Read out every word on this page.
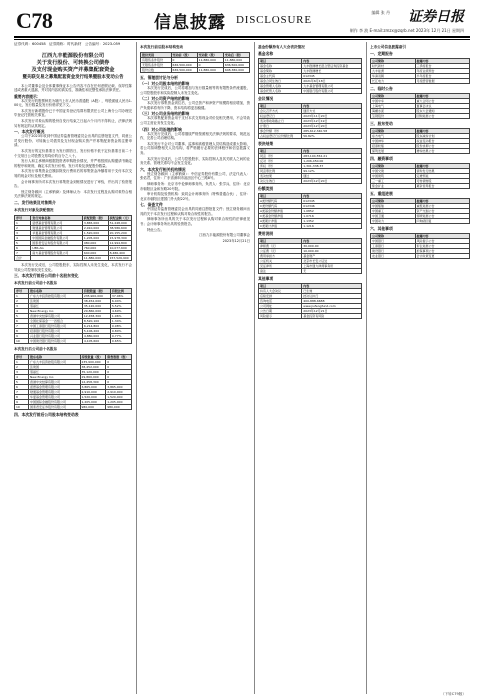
C78	信息披露 DISCLOSURE
编辑 张 丹 证券日报
制作 李 波 E-mail:zmzx@zqrb.net 2023年 12月 21日 星期四
证券代码：600458 证券简称：时代新材 公告编号：2023-059
江西九丰能源股份有限公司
关于发行股份、可转换公司债券
及支付现金购买资产并募集配套资金
暨关联交易之募集配套资金发行结果暨股本变动公告
本公司董事会及全体董事保证本公告内容不存在任何虚假记载、误导性陈述或者重大遗漏，并对其内容的真实性、准确性和完整性承担法律责任。
重要内容提示：
本次发行的股票种类为境内上市人民币普通股（A股），每股面值人民币1.00元，发行数量及发行价格详见下文。
本次发行新增股份已于中国证券登记结算有限责任公司上海分公司办理完毕登记托管相关事宜。
本次发行对象认购的股份自发行结束之日起六个月内不得转让，法律法规另有规定的从其规定。
一、本次发行概况
公司于2023年收到中国证券监督管理委员会出具的注册批复文件，同意公司发行股份、可转换公司债券及支付现金购买资产并募集配套资金的注册申请。
本次发行的定价基准日为发行期首日，发行价格不低于定价基准日前二十个交易日公司股票交易均价的百分之八十。
发行人和主承销商根据投资者申购报价情况，并严格按照认购邀请书确定的程序和规则，确定本次发行价格、发行对象及获配股份数量。
本次发行募集资金总额扣除发行费用后的募集资金净额将用于支付本次交易的现金对价及相关费用。
会计师事务所对本次发行募集资金到账情况进行了审验，并出具了验资报告。
独立财务顾问（主承销商）及律师认为：本次发行过程及认购对象符合相关法律法规的规定。
二、发行结果及对象简介
本次发行对象及获配情况
序号	发行对象名称	获配股数（股）	获配金额（元）
1	诺德基金管理有限公司	3,865,000	51,248,000
2	财通基金管理有限公司	2,910,000	38,586,600
3	华夏基金管理有限公司	1,520,000	20,155,200
4	中国国际金融股份有限公司	1,205,000	15,978,300
5	国泰君安证券股份有限公司	980,000	12,994,800
6	UBS AG	760,000	10,077,600
7	南方基金管理股份有限公司	640,000	8,486,400
合计		11,880,000	157,526,900
本次发行完成后，公司控股股东、实际控制人未发生变化，本次发行不会导致公司控制权发生变化。
三、本次发行前后公司前十名股东变化
本次发行前公司前十名股东
序号	股东名称	持股数量（股）	持股比例
1	广东九丰投资控股有限公司	235,900,000	37.06%
2	张建国	38,452,000	6.04%
3	蔡丽红	35,120,000	5.52%
4	New Energy Inc.	29,860,000	4.69%
5	香港中央结算有限公司	12,458,300	1.96%
6	全国社保基金一一四组合	8,520,100	1.34%
7	中国工商银行股份有限公司	6,214,800	0.98%
8	招商银行股份有限公司	5,106,200	0.80%
9	兴业银行股份有限公司	4,880,000	0.77%
10	中国建设银行股份有限公司	4,105,600	0.65%
本次发行后公司前十名股东
序号	股东名称	持股数量（股）	限售股数（股）
1	广东九丰投资控股有限公司	235,900,000	0
2	张建国	38,452,000	0
3	蔡丽红	35,120,000	0
4	New Energy Inc.	29,860,000	0
5	香港中央结算有限公司	12,458,300	0
6	诺德基金管理有限公司	3,865,000	3,865,000
7	财通基金管理有限公司	2,910,000	2,910,000
8	华夏基金管理有限公司	1,520,000	1,520,000
9	中国国际金融股份有限公司	1,205,000	1,205,000
10	国泰君安证券股份有限公司	980,000	980,000
四、本次发行前后公司股本结构变动表
本次发行前后股本结构变动
股份类别	变动前（股）	变动数（股）	变动后（股）
有限售条件股份	0	11,880,000	11,880,000
无限售条件股份	636,500,000	0	636,500,000
股份总数	636,500,000	11,880,000	648,380,000
五、管理层讨论与分析
（一）对公司股本结构的影响
本次发行完成后，公司将增加与发行数量相等的有限售条件流通股，公司控股股东和实际控制人未发生变化。
（二）对公司资产结构的影响
本次发行募集资金到位后，公司总资产和净资产规模将相应增加，资产负债率将有所下降，资本结构将更加稳健。
（三）对公司业务结构的影响
本次募集配套资金用于支付本次交易现金对价及相关费用，不会导致公司主营业务发生变化。
（四）对公司治理的影响
本次发行完成后，公司将继续严格按照相关法律法规的要求，规范运作，完善公司治理结构。
本次发行不会对公司董事、监事和高级管理人员结构造成重大影响，若公司拟调整相关人员结构，将严格履行必要的法律程序和信息披露义务。
本次发行完成后，公司与控股股东、实际控制人及其关联人之间的业务关系、管理关系均不会发生变化。
六、本次发行相关机构情况
独立财务顾问（主承销商）：中信证券股份有限公司，法定代表人：张佑君，住所：广东省深圳市福田区中心三路8号。
律师事务所：北京市中伦律师事务所，负责人：张学兵，住所：北京市朝阳区金和东路20号院。
审计机构及验资机构：致同会计师事务所（特殊普通合伙），住所：北京市朝阳区建国门外大街22号。
七、备查文件
中国证券监督管理委员会出具的同意注册批复文件；独立财务顾问出具的关于本次发行过程和认购对象合规性的报告。
律师事务所出具的关于本次发行过程和认购对象合规性的法律意见书；会计师事务所出具的验资报告。
特此公告。
江西九丰能源股份有限公司董事会
2023年12月21日
基金份额持有人大会表决情况
基金名称
项目	内容
基金名称	九丰稳健增长混合型证券投资基金
基金简称	九丰稳健增长
基金主代码	012345
基金合同生效日	2021年6月18日
基金管理人名称	九丰基金管理有限公司
基金托管人名称	中国银行股份有限公司
会议情况
项目	内容
会议召开方式	通讯方式
权益登记日	2023年11月20日
表决票收取截止日	2023年12月19日
计票日	2023年12月20日
参会份额（份）	285,612,340.58
占权益登记日总份额比例	56.82%
表决结果
项目	内容
同意（份）	283,104,552.21
反对（份）	1,206,450.00
弃权（份）	1,301,338.37
同意票比例	99.12%
表决结果	通过
决议生效日	2023年12月20日
份额类别
项目	内容
A类份额代码	012345
C类份额代码	012346
A类基金份额净值	1.0852
C类基金份额净值	1.0716
A类累计净值	1.1352
C类累计净值	1.1216
费用说明
项目	内容
律师费（元）	30,000.00
公证费（元）	10,000.00
费用承担方	基金财产
公证机关	北京市长安公证处
见证律所	上海市通力律师事务所
备注	无
其他事项
项目	内容
持有人大会决议	已生效
后续安排	按决议执行
咨询电话	400-888-6688
公司网址	www.jiufengfund.com
公告日期	2023年12月21日
风险提示	基金投资有风险
上市公司信息披露索引
一、定期报告
公司简称	披露内容
时代新材	三季度报告
九丰能源	年度业绩预告
华润双鹤	半年度报告
长江电力	月度经营数据
二、临时公告
公司简称	披露内容
中国中车	重大合同公告
上海电气	董事会决议
海螺水泥	股东大会通知
宝钢股份	回购进展公告
三、股东变动
公司简称	披露内容
东方电气	股东减持计划
中国神华	权益变动报告
招商轮船	股份质押公告
保利发展	增持结果公告
四、融资事项
公司简称	披露内容
中国交建	债券发行结果
中国建筑	定增预案
三一重工	可转债转股
紫金矿业	募资使用报告
五、重组进展
公司简称	披露内容
中国船舶	重组进展公告
中国重工	资产交割公告
中国卫通	停牌进展公告
中国动力	问询函回复
六、其他事项
公司简称	披露内容
中国银行	风险提示公告
工商银行	诉讼进展公告
建设银行	担保事项公告
农业银行	会计政策变更
（下转C79版）
